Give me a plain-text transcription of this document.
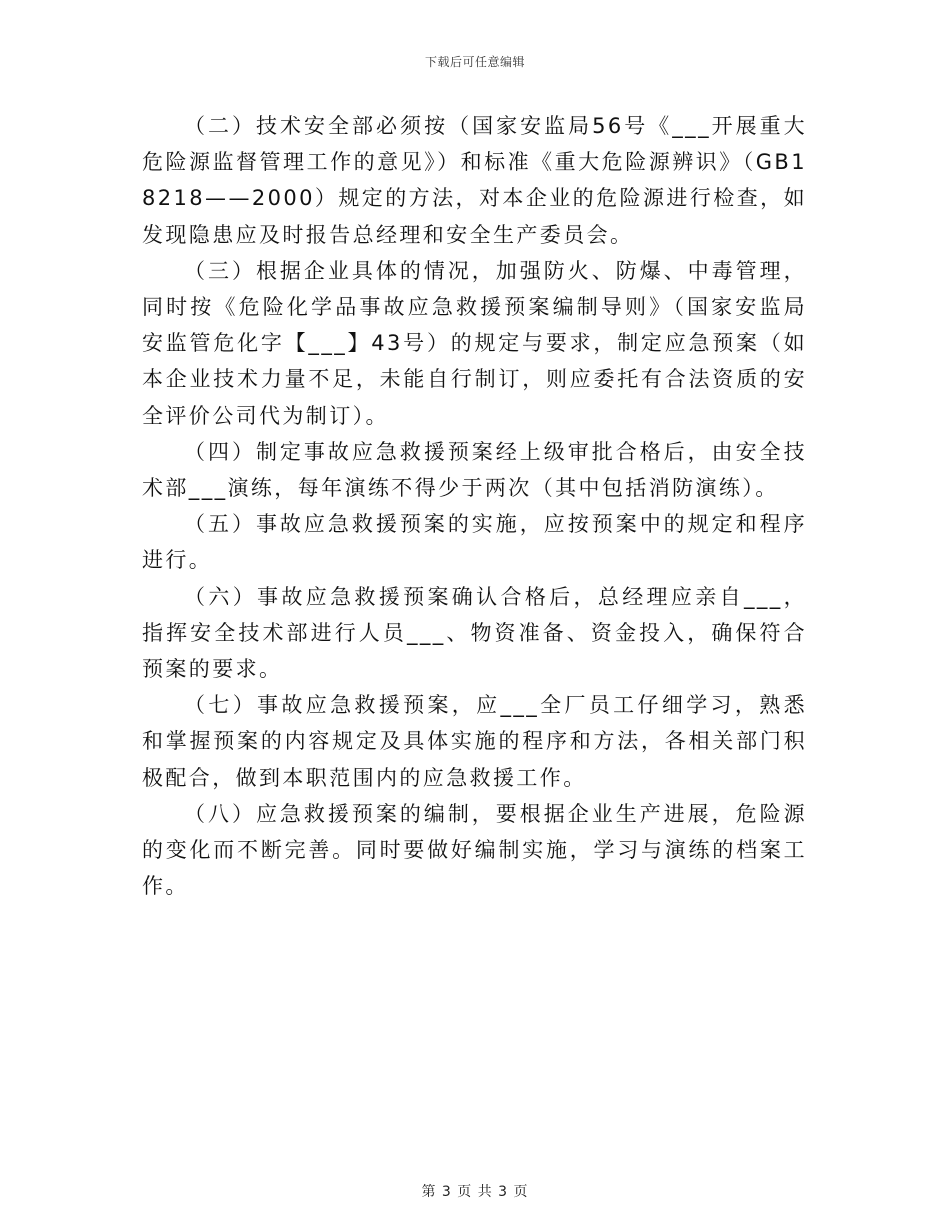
下载后可任意编辑

（二）技术安全部必须按（国家安监局56号《___开展重大危险源监督管理工作的意见》）和标准《重大危险源辨识》（GB18218——2000）规定的方法，对本企业的危险源进行检查，如发现隐患应及时报告总经理和安全生产委员会。

（三）根据企业具体的情况，加强防火、防爆、中毒管理，同时按《危险化学品事故应急救援预案编制导则》（国家安监局安监管危化字【___】43号）的规定与要求，制定应急预案（如本企业技术力量不足，未能自行制订，则应委托有合法资质的安全评价公司代为制订）。

（四）制定事故应急救援预案经上级审批合格后，由安全技术部___演练，每年演练不得少于两次（其中包括消防演练）。

（五）事故应急救援预案的实施，应按预案中的规定和程序进行。

（六）事故应急救援预案确认合格后，总经理应亲自___，指挥安全技术部进行人员___、物资准备、资金投入，确保符合预案的要求。

（七）事故应急救援预案，应___全厂员工仔细学习，熟悉和掌握预案的内容规定及具体实施的程序和方法，各相关部门积极配合，做到本职范围内的应急救援工作。

（八）应急救援预案的编制，要根据企业生产进展，危险源的变化而不断完善。同时要做好编制实施，学习与演练的档案工作。

第 3 页 共 3 页
